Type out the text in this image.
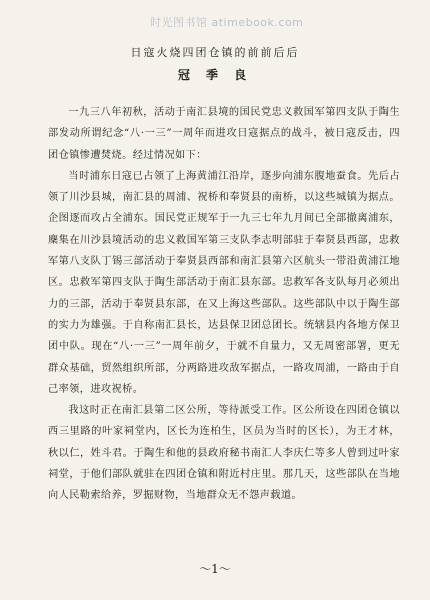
时光图书馆 atimebook.com
日寇火烧四团仓镇的前前后后
冠 季 良

一九三八年初秋，活动于南汇县境的国民党忠义救国军第四支队于陶生部发动所谓纪念“八·一三”一周年而进攻日寇据点的战斗，被日寇反击，四团仓镇惨遭焚烧。经过情况如下：

当时浦东日寇已占领了上海黄浦江沿岸，逐步向浦东腹地蚕食。先后占领了川沙县城，南汇县的周浦、祝桥和奉贤县的南桥，以这些城镇为据点。企图逐而攻占全浦东。国民党正规军于一九三七年九月间已全部撤离浦东，麇集在川沙县境活动的忠义救国军第三支队李志明部驻于奉贤县西部，忠救军第八支队丁锡三部活动于奉贤县西部和南汇县第六区航头一带沿黄浦江地区。忠救军第四支队于陶生部活动于南汇县东部。忠救军各支队每月必须出力的三部，活动于奉贤县东部，在又上海这些部队。这些部队中以于陶生部的实力为雄强。于自称南汇县长，达县保卫团总团长。统辖县内各地方保卫团中队。现在“八·一三”一周年前夕，于就不自量力，又无周密部署，更无群众基础，贸然组织所部，分两路进攻敌军据点，一路攻周浦，一路由于自己率领，进攻祝桥。

我这时正在南汇县第二区公所，等待派受工作。区公所设在四团仓镇以西三里路的叶家祠堂内，区长为连柏生，区员为当时的区长），为王才林，秋以仁，姓斗君。于陶生和他的县政府秘书南汇人李庆仁等多人曾到过叶家祠堂，于他们部队就驻在四团仓镇和附近村庄里。那几天，这些部队在当地向人民勒索给养，罗掘财物，当地群众无不怨声载道。

～1～
